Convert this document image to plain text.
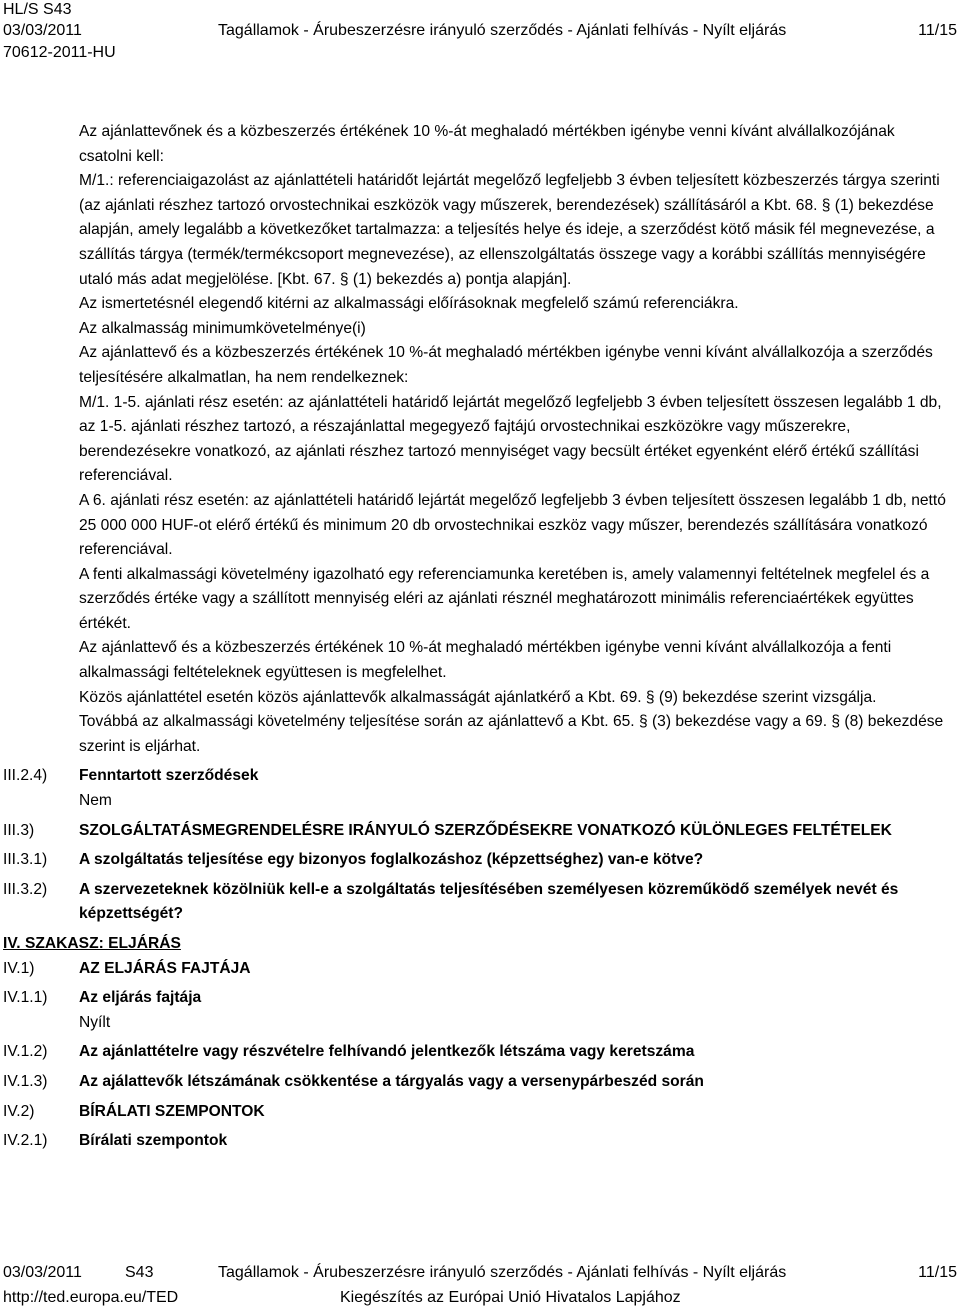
HL/S S43
03/03/2011
70612-2011-HU
Tagállamok - Árubeszerzésre irányuló szerződés - Ajánlati felhívás - Nyílt eljárás	11/15

Az ajánlattevőnek és a közbeszerzés értékének 10 %-át meghaladó mértékben igénybe venni kívánt alvállalkozójának csatolni kell:

M/1.: referenciaigazolást az ajánlattételi határidőt lejártát megelőző legfeljebb 3 évben teljesített közbeszerzés tárgya szerinti (az ajánlati részhez tartozó orvostechnikai eszközök vagy műszerek, berendezések) szállításáról a Kbt. 68. § (1) bekezdése alapján, amely legalább a következőket tartalmazza: a teljesítés helye és ideje, a szerződést kötő másik fél megnevezése, a szállítás tárgya (termék/termékcsoport megnevezése), az ellenszolgáltatás összege vagy a korábbi szállítás mennyiségére utaló más adat megjelölése. [Kbt. 67. § (1) bekezdés a) pontja alapján].

Az ismertetésnél elegendő kitérni az alkalmassági előírásoknak megfelelő számú referenciákra.

Az alkalmasság minimumkövetelménye(i)

Az ajánlattevő és a közbeszerzés értékének 10 %-át meghaladó mértékben igénybe venni kívánt alvállalkozója a szerződés teljesítésére alkalmatlan, ha nem rendelkeznek:

M/1. 1-5. ajánlati rész esetén: az ajánlattételi határidő lejártát megelőző legfeljebb 3 évben teljesített összesen legalább 1 db, az 1-5. ajánlati részhez tartozó, a részajánlattal megegyező fajtájú orvostechnikai eszközökre vagy műszerekre, berendezésekre vonatkozó, az ajánlati részhez tartozó mennyiséget vagy becsült értéket egyenként elérő értékű szállítási referenciával.

A 6. ajánlati rész esetén: az ajánlattételi határidő lejártát megelőző legfeljebb 3 évben teljesített összesen legalább 1 db, nettó 25 000 000 HUF-ot elérő értékű és minimum 20 db orvostechnikai eszköz vagy műszer, berendezés szállítására vonatkozó referenciával.

A fenti alkalmassági követelmény igazolható egy referenciamunka keretében is, amely valamennyi feltételnek megfelel és a szerződés értéke vagy a szállított mennyiség eléri az ajánlati résznél meghatározott minimális referenciaértékek együttes értékét.

Az ajánlattevő és a közbeszerzés értékének 10 %-át meghaladó mértékben igénybe venni kívánt alvállalkozója a fenti alkalmassági feltételeknek együttesen is megfelelhet.

Közös ajánlattétel esetén közös ajánlattevők alkalmasságát ajánlatkérő a Kbt. 69. § (9) bekezdése szerint vizsgálja.

Továbbá az alkalmassági követelmény teljesítése során az ajánlattevő a Kbt. 65. § (3) bekezdése vagy a 69. § (8) bekezdése szerint is eljárhat.

III.2.4) Fenntartott szerződések

Nem

III.3)	SZOLGÁLTATÁSMEGRENDELÉSRE IRÁNYULÓ SZERZŐDÉSEKRE VONATKOZÓ KÜLÖNLEGES FELTÉTELEK

III.3.1) A szolgáltatás teljesítése egy bizonyos foglalkozáshoz (képzettséghez) van-e kötve?

III.3.2) A szervezeteknek közölniük kell-e a szolgáltatás teljesítésében személyesen közreműködő személyek nevét és képzettségét?

IV. SZAKASZ: ELJÁRÁS
IV.1)	AZ ELJÁRÁS FAJTÁJA

IV.1.1) Az eljárás fajtája

Nyílt

IV.1.2) Az ajánlattételre vagy részvételre felhívandó jelentkezők létszáma vagy keretszáma

IV.1.3) Az ajálattevők létszámának csökkentése a tárgyalás vagy a versenypárbeszéd során

IV.2)	BÍRÁLATI SZEMPONTOK

IV.2.1) Bírálati szempontok

03/03/2011	S43	Tagállamok - Árubeszerzésre irányuló szerződés - Ajánlati felhívás - Nyílt eljárás	11/15
http://ted.europa.eu/TED	Kiegészítés az Európai Unió Hivatalos Lapjához
